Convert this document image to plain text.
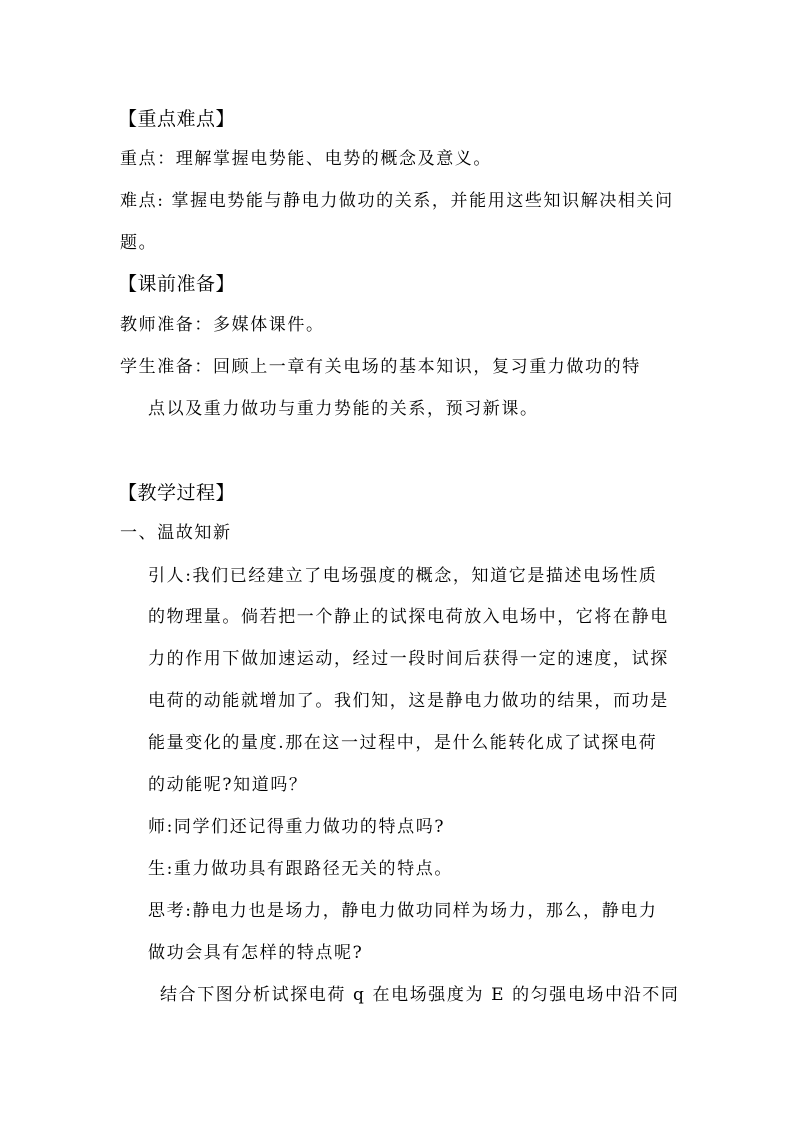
【重点难点】
重点：理解掌握电势能、电势的概念及意义。
难点: 掌握电势能与静电力做功的关系，并能用这些知识解决相关问
题。
【课前准备】
教师准备：多媒体课件。
学生准备：回顾上一章有关电场的基本知识，复习重力做功的特
点以及重力做功与重力势能的关系，预习新课。
【教学过程】
一、温故知新
引人:我们已经建立了电场强度的概念，知道它是描述电场性质
的物理量。倘若把一个静止的试探电荷放入电场中，它将在静电
力的作用下做加速运动，经过一段时间后获得一定的速度，试探
电荷的动能就增加了。我们知，这是静电力做功的结果，而功是
能量变化的量度.那在这一过程中，是什么能转化成了试探电荷
的动能呢?知道吗？
师:同学们还记得重力做功的特点吗?
生:重力做功具有跟路径无关的特点。
思考:静电力也是场力，静电力做功同样为场力，那么，静电力
做功会具有怎样的特点呢?
结合下图分析试探电荷 q 在电场强度为 E 的匀强电场中沿不同
